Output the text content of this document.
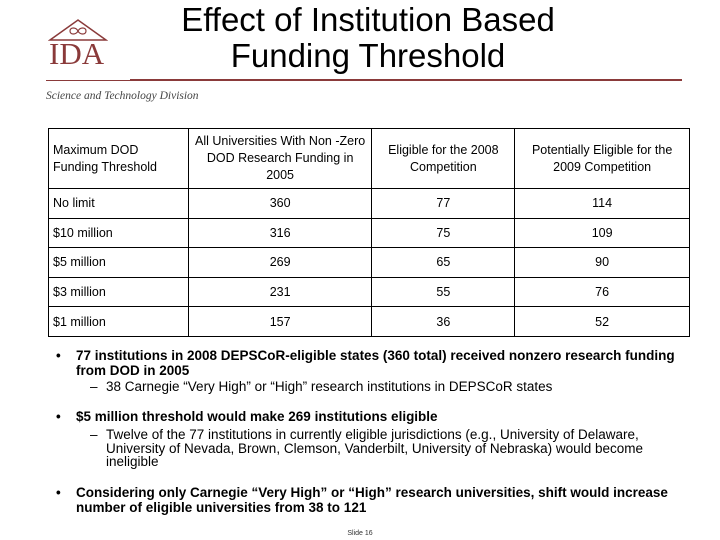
IDA
Science and Technology Division
Effect of Institution Based
Funding Threshold
Maximum DOD Funding Threshold	All Universities With Non -Zero DOD Research Funding in 2005	Eligible for the 2008 Competition	Potentially Eligible for the 2009 Competition
No limit	360	77	114
$10 million	316	75	109
$5 million	269	65	90
$3 million	231	55	76
$1 million	157	36	52
• 77 institutions in 2008 DEPSCoR-eligible states (360 total) received nonzero research funding from DOD in 2005
– 38 Carnegie “Very High” or “High” research institutions in DEPSCoR states
• $5 million threshold would make 269 institutions eligible
– Twelve of the 77 institutions in currently eligible jurisdictions (e.g., University of Delaware, University of Nevada, Brown, Clemson, Vanderbilt, University of Nebraska) would become ineligible
• Considering only Carnegie “Very High” or “High” research universities, shift would increase number of eligible universities from 38 to 121
Slide 16
